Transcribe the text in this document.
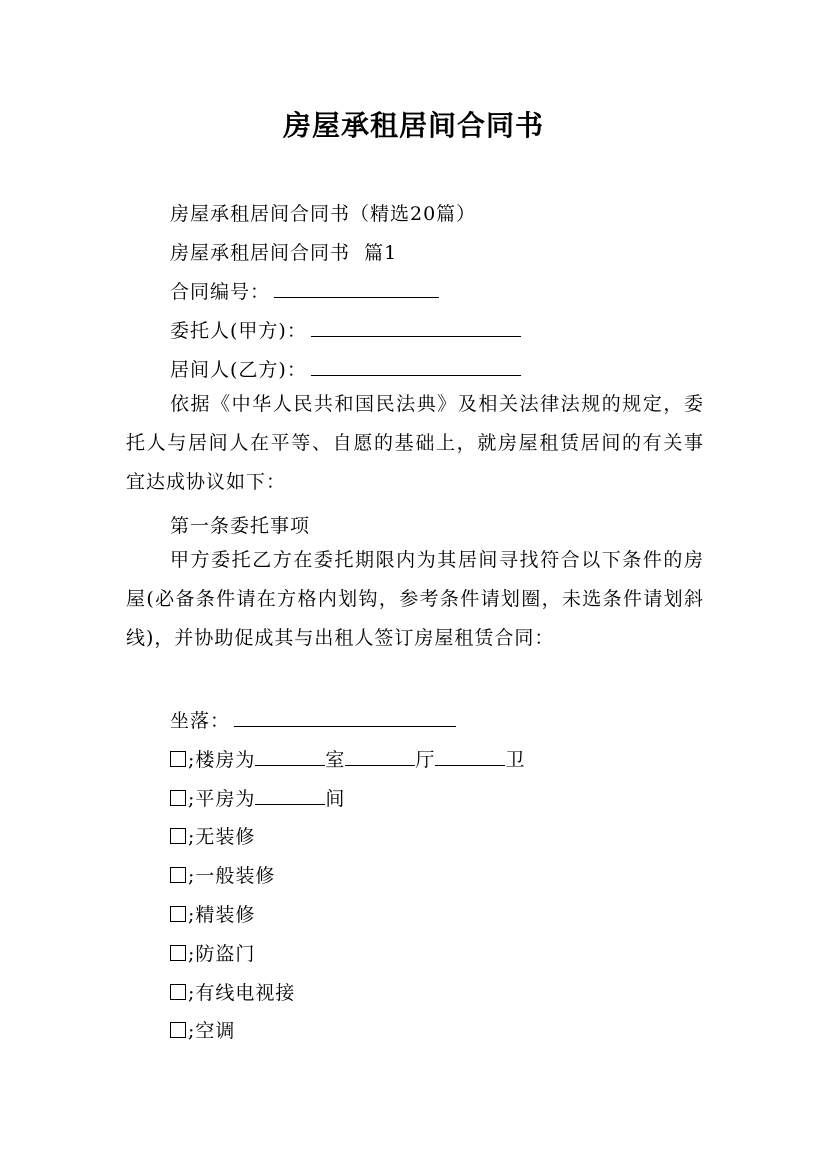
房屋承租居间合同书
房屋承租居间合同书（精选20篇）
房屋承租居间合同书  篇1
合同编号：
委托人(甲方)：
居间人(乙方)：
依据《中华人民共和国民法典》及相关法律法规的规定，委托人与居间人在平等、自愿的基础上，就房屋租赁居间的有关事宜达成协议如下：
第一条委托事项
甲方委托乙方在委托期限内为其居间寻找符合以下条件的房屋(必备条件请在方格内划钩，参考条件请划圈，未选条件请划斜线)，并协助促成其与出租人签订房屋租赁合同：
坐落：
;楼房为	室	厅	卫
;平房为	间
;无装修
;一般装修
;精装修
;防盗门
;有线电视接
;空调
